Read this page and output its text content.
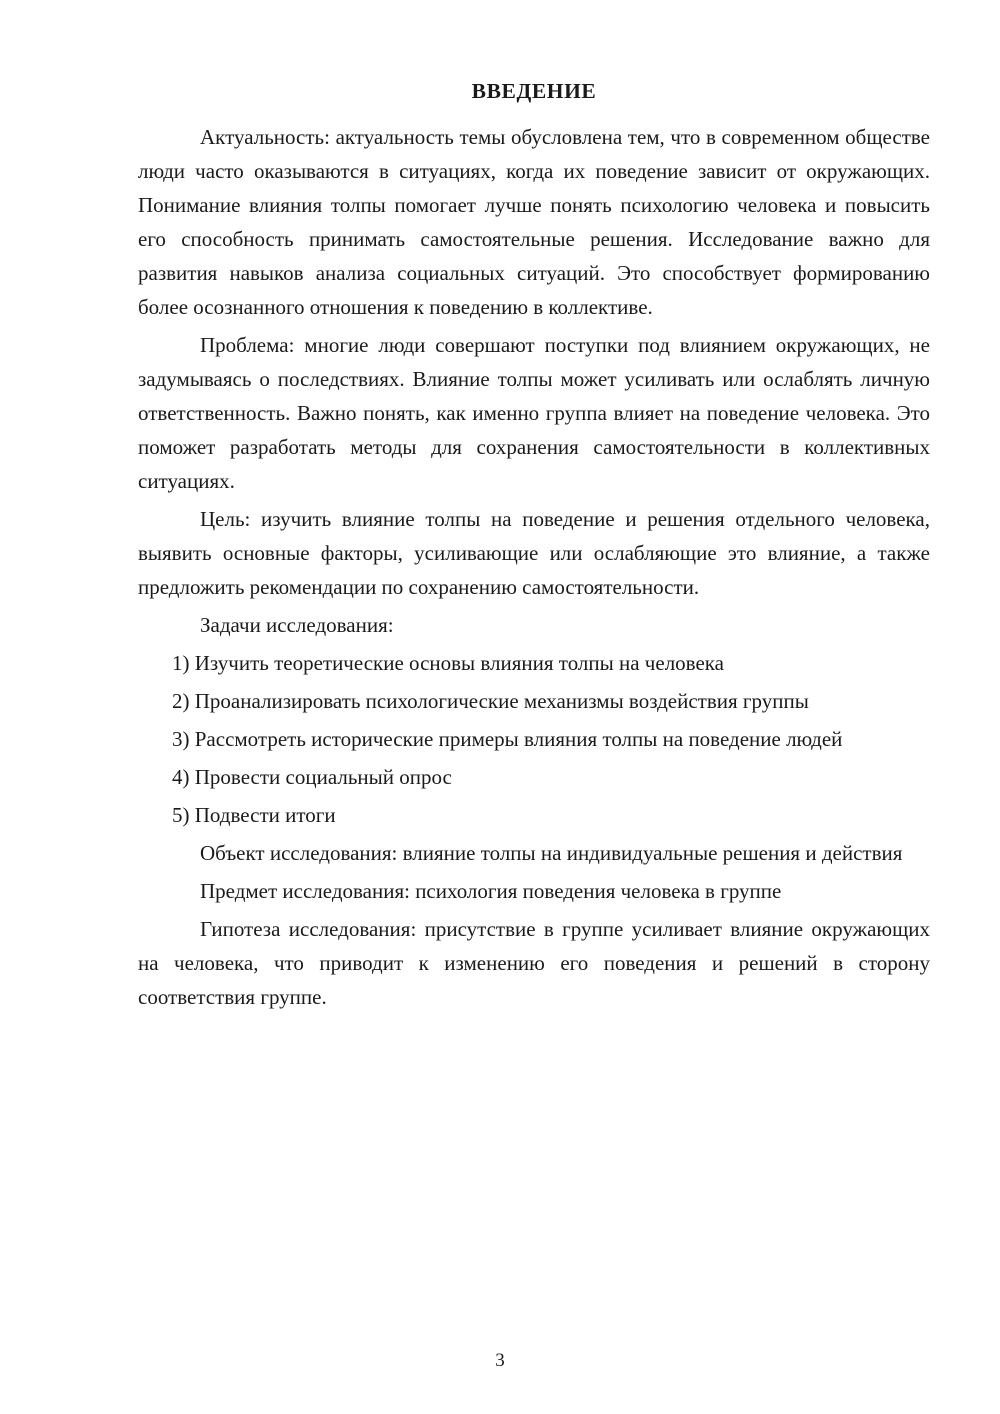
ВВЕДЕНИЕ

Актуальность: актуальность темы обусловлена тем, что в современном обществе люди часто оказываются в ситуациях, когда их поведение зависит от окружающих. Понимание влияния толпы помогает лучше понять психологию человека и повысить его способность принимать самостоятельные решения. Исследование важно для развития навыков анализа социальных ситуаций. Это способствует формированию более осознанного отношения к поведению в коллективе.

Проблема: многие люди совершают поступки под влиянием окружающих, не задумываясь о последствиях. Влияние толпы может усиливать или ослаблять личную ответственность. Важно понять, как именно группа влияет на поведение человека. Это поможет разработать методы для сохранения самостоятельности в коллективных ситуациях.

Цель: изучить влияние толпы на поведение и решения отдельного человека, выявить основные факторы, усиливающие или ослабляющие это влияние, а также предложить рекомендации по сохранению самостоятельности.

Задачи исследования:

1) Изучить теоретические основы влияния толпы на человека

2) Проанализировать психологические механизмы воздействия группы

3) Рассмотреть исторические примеры влияния толпы на поведение людей

4) Провести социальный опрос

5) Подвести итоги

Объект исследования: влияние толпы на индивидуальные решения и действия

Предмет исследования: психология поведения человека в группе

Гипотеза исследования: присутствие в группе усиливает влияние окружающих на человека, что приводит к изменению его поведения и решений в сторону соответствия группе.

3
